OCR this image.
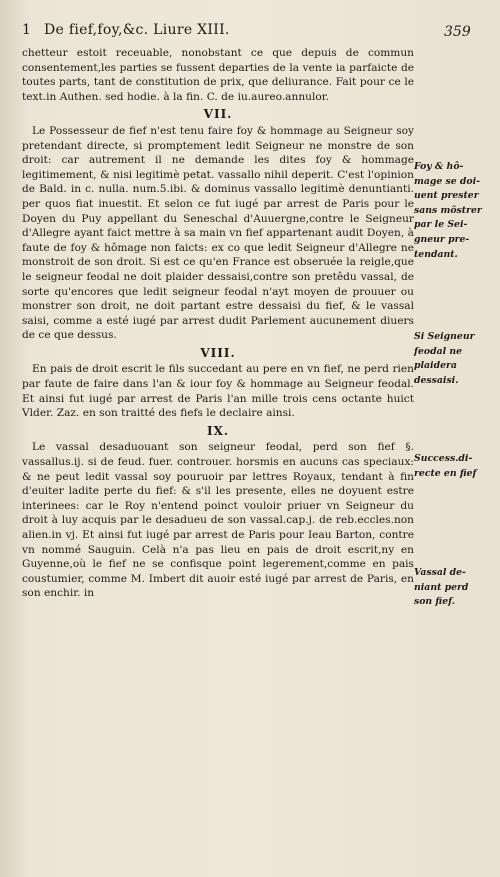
1 De fief,foy,&c. Liure XIII.	359

chetteur estoit receuable, nonobstant ce que depuis de commun consentement,les parties se fussent departies de la vente ia parfaicte de toutes parts, tant de constitution de prix, que deliurance. Fait pour ce le text.in Authen. sed hodie. à la fin. C. de iu.aureo.annulor.

VII.

Le Possesseur de fief n'est tenu faire foy & hommage au Seigneur soy pretendant directe, si promptement ledit Seigneur ne monstre de son droit: car autrement il ne demande les dites foy & hommage legitimement, & nisi legitimè petat. vassallo nihil deperit. C'est l'opinion de Bald. in c. nulla. num.5.ibi. & dominus vassallo legitimè denuntianti. per quos fiat inuestit. Et selon ce fut iugé par arrest de Paris pour le Doyen du Puy appellant du Seneschal d'Auuergne,contre le Seigneur d'Allegre ayant faict mettre à sa main vn fief appartenant audit Doyen, à faute de foy & hômage non faicts: ex co que ledit Seigneur d'Allegre ne monstroit de son droit. Si est ce qu'en France est obseruée la reigle,que le seigneur feodal ne doit plaider dessaisi,contre son pretêdu vassal, de sorte qu'encores que ledit seigneur feodal n'ayt moyen de prouuer ou monstrer son droit, ne doit partant estre dessaisi du fief, & le vassal saisi, comme a esté iugé par arrest dudit Parlement aucunement diuers de ce que dessus.

VIII.

En pais de droit escrit le fils succedant au pere en vn fief, ne perd rien par faute de faire dans l'an & iour foy & hommage au Seigneur feodal. Et ainsi fut iugé par arrest de Paris l'an mille trois cens octante huict Vlder. Zaz. en son traitté des fiefs le declaire ainsi.

IX.

Le vassal desaduouant son seigneur feodal, perd son fief §. vassallus.ij. si de feud. fuer. controuer. horsmis en aucuns cas speciaux: & ne peut ledit vassal soy pouruoir par lettres Royaux, tendant à fin d'euiter ladite perte du fief: & s'il les presente, elles ne doyuent estre interinees: car le Roy n'entend poinct vouloir priuer vn Seigneur du droit à luy acquis par le desadueu de son vassal.cap.j. de reb.eccles.non alien.in vj. Et ainsi fut iugé par arrest de Paris pour Ieau Barton, contre vn nommé Sauguin. Celà n'a pas lieu en pais de droit escrit,ny en Guyenne,où le fief ne se confisque point legerement,comme en pais coustumier, comme M. Imbert dit auoir esté iugé par arrest de Paris, en son enchir. in

Foy & hô-
mage se doi-
uent prester
sans mõstrer
par le Sei-
gneur pre-
tendant.
Si Seigneur
feodal ne
plaidera
dessaisi.
Success.di-
recte en fief
Vassal de-
niant perd
son fief.
